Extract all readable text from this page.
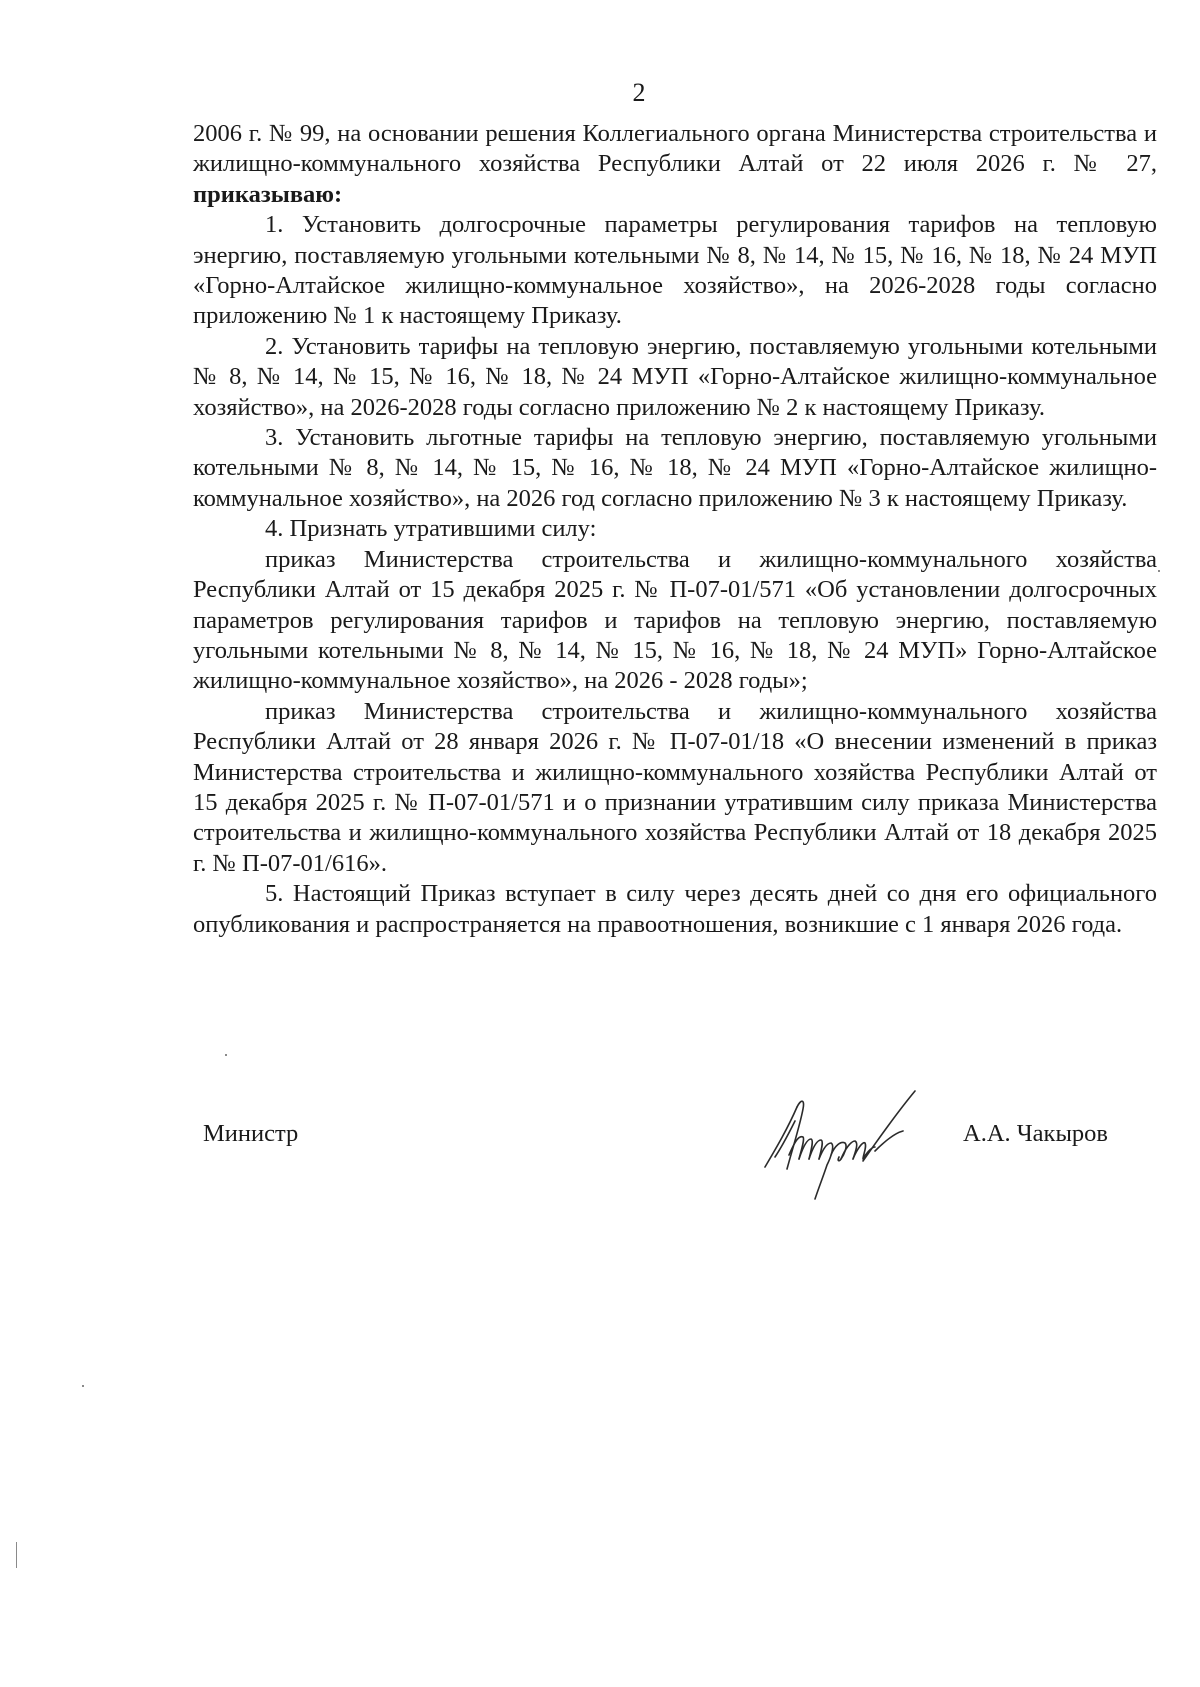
2

2006 г. № 99, на основании решения Коллегиального органа Министерства строительства и жилищно-коммунального хозяйства Республики Алтай от 22 июля 2026 г. № 27, приказываю:

1. Установить долгосрочные параметры регулирования тарифов на тепловую энергию, поставляемую угольными котельными № 8, № 14, № 15, № 16, № 18, № 24 МУП «Горно-Алтайское жилищно-коммунальное хозяйство», на 2026-2028 годы согласно приложению № 1 к настоящему Приказу.

2. Установить тарифы на тепловую энергию, поставляемую угольными котельными № 8, № 14, № 15, № 16, № 18, № 24 МУП «Горно-Алтайское жилищно-коммунальное хозяйство», на 2026-2028 годы согласно приложению № 2 к настоящему Приказу.

3. Установить льготные тарифы на тепловую энергию, поставляемую угольными котельными № 8, № 14, № 15, № 16, № 18, № 24 МУП «Горно-Алтайское жилищно-коммунальное хозяйство», на 2026 год согласно приложению № 3 к настоящему Приказу.

4. Признать утратившими силу:

приказ Министерства строительства и жилищно-коммунального хозяйства Республики Алтай от 15 декабря 2025 г. № П-07-01/571 «Об установлении долгосрочных параметров регулирования тарифов и тарифов на тепловую энергию, поставляемую угольными котельными № 8, № 14, № 15, № 16, № 18, № 24 МУП» Горно-Алтайское жилищно-коммунальное хозяйство», на 2026 - 2028 годы»;

приказ Министерства строительства и жилищно-коммунального хозяйства Республики Алтай от 28 января 2026 г. № П-07-01/18 «О внесении изменений в приказ Министерства строительства и жилищно-коммунального хозяйства Республики Алтай от 15 декабря 2025 г. № П-07-01/571 и о признании утратившим силу приказа Министерства строительства и жилищно-коммунального хозяйства Республики Алтай от 18 декабря 2025 г. № П-07-01/616».

5. Настоящий Приказ вступает в силу через десять дней со дня его официального опубликования и распространяется на правоотношения, возникшие с 1 января 2026 года.

Министр	А.А. Чакыров
